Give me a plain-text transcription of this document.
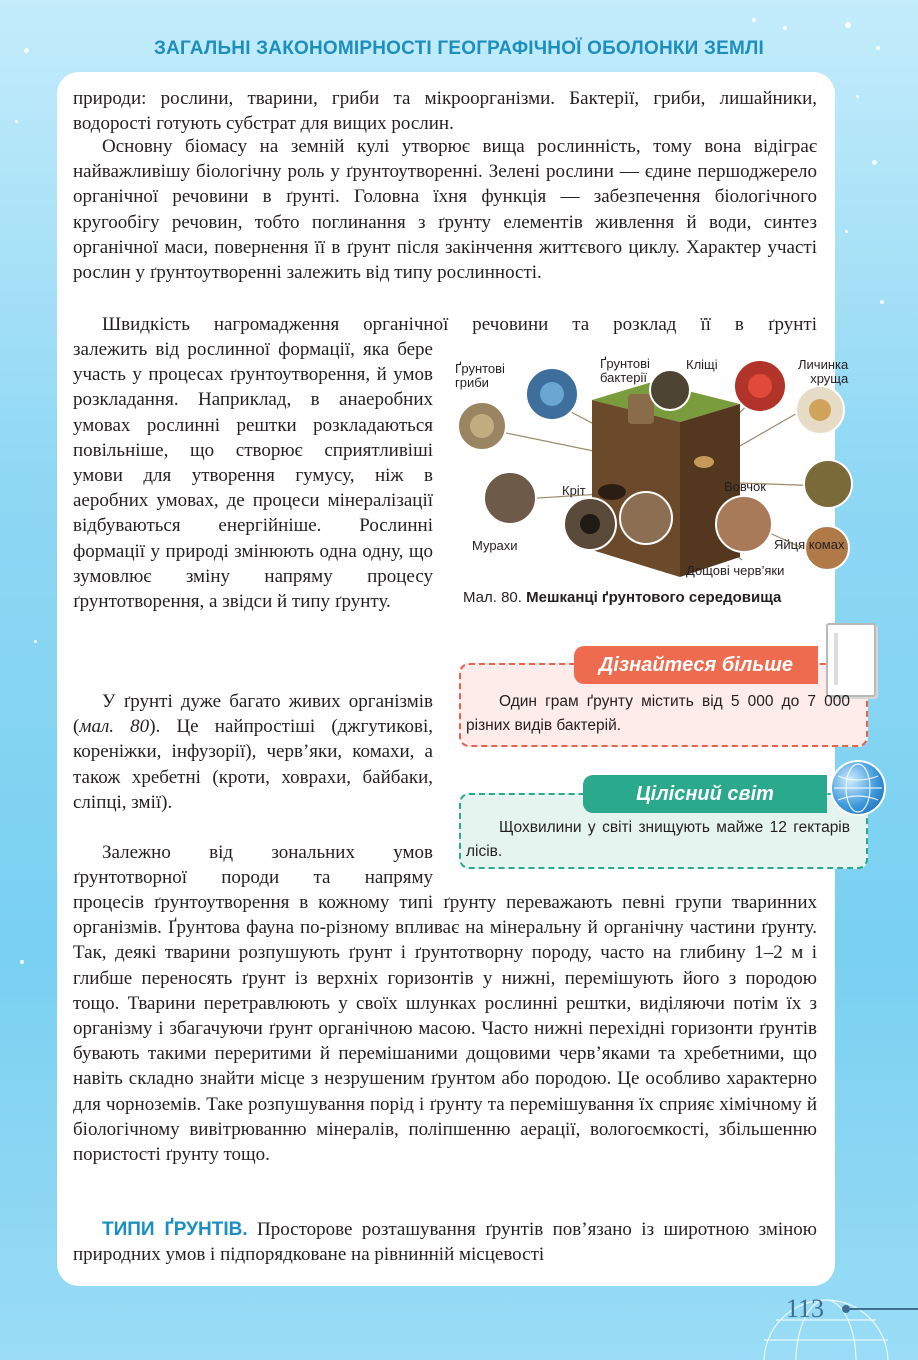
ЗАГАЛЬНІ ЗАКОНОМІРНОСТІ ГЕОГРАФІЧНОЇ ОБОЛОНКИ ЗЕМЛІ

природи: рослини, тварини, гриби та мікроорганізми. Бактерії, гриби, лишайники, водорості готують субстрат для вищих рослин.

Основну біомасу на земній кулі утворює вища рослинність, тому вона відіграє найважливішу біологічну роль у ґрунтоутворенні. Зелені рослини — єдине першоджерело органічної речовини в ґрунті. Головна їхня функція — забезпечення біологічного кругообігу речовин, тобто поглинання з ґрунту елементів живлення й води, синтез органічної маси, повернення її в ґрунт після закінчення життєвого циклу. Характер участі рослин у ґрунтоутворенні залежить від типу рослинності.

Швидкість нагромадження органічної речовини та розклад її в ґрунті

залежить від рослинної формації, яка бере участь у процесах ґрунтоутворення, й умов розкладання. Наприклад, в анаеробних умовах рослинні рештки розкладаються повільніше, що створює сприятливіші умови для утворення гумусу, ніж в аеробних умовах, де процеси мінералізації відбуваються енергійніше. Рослинні формації у природі змінюють одна одну, що зумовлює зміну напряму процесу ґрунтотворення, а звідси й типу ґрунту.

У ґрунті дуже багато живих організмів (мал. 80). Це найпростіші (джгутикові, кореніжки, інфузорії), черв’яки, комахи, а також хребетні (кроти, ховрахи, байбаки, сліпці, змії).

Залежно від зональних умов ґрунтотворної породи та напряму

процесів ґрунтоутворення в кожному типі ґрунту переважають певні групи тваринних організмів. Ґрунтова фауна по-різному впливає на мінеральну й органічну частини ґрунту. Так, деякі тварини розпушують ґрунт і ґрунтотворну породу, часто на глибину 1–2 м і глибше переносять ґрунт із верхніх горизонтів у нижні, перемішують його з породою тощо. Тварини перетравлюють у своїх шлунках рослинні рештки, виділяючи потім їх з організму і збагачуючи ґрунт органічною масою. Часто нижні перехідні горизонти ґрунтів бувають такими переритими й перемішаними дощовими черв’яками та хребетними, що навіть складно знайти місце з незрушеним ґрунтом або породою. Це особливо характерно для чорноземів. Таке розпушування порід і ґрунту та перемішування їх сприяє хімічному й біологічному вивітрюванню мінералів, поліпшенню аерації, вологоємкості, збільшенню пористості ґрунту тощо.

ТИПИ ҐРУНТІВ. Просторове розташування ґрунтів пов’язано із широтною зміною природних умов і підпорядковане на рівнинній місцевості

Ґрунтові
гриби
Ґрунтові
бактерії
Кліщі	Личинка
хруща
Кріт	Вовчок
Мурахи	Яйця комах
Дощові черв’яки
Мал. 80. Мешканці ґрунтового середовища
Дізнайтеся більше

Один грам ґрунту містить від 5 000 до 7 000 різних видів бактерій.

Цілісний світ

Щохвилини у світі знищують майже 12 гектарів лісів.

113
